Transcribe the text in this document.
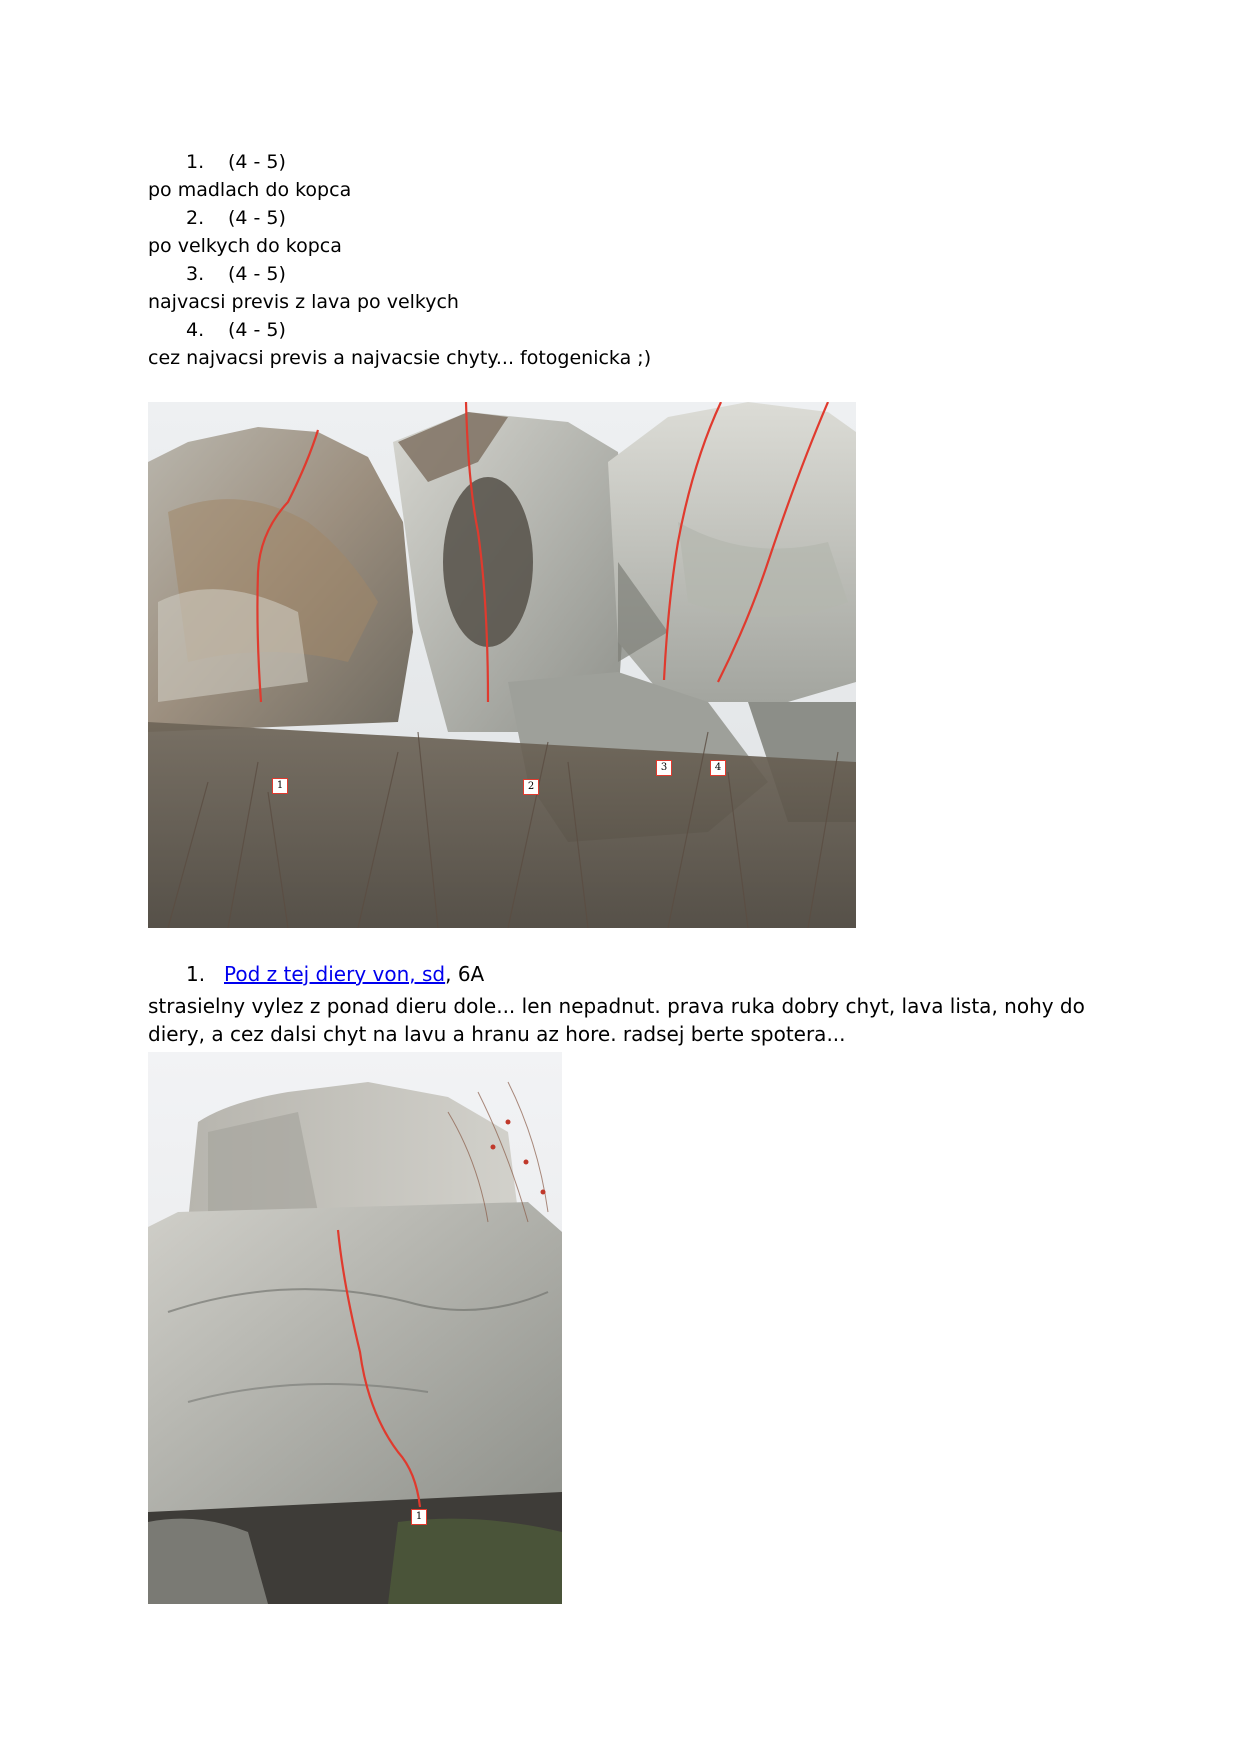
1. (4 - 5)
po madlach do kopca
2. (4 - 5)
po velkych do kopca
3. (4 - 5)
najvacsi previs z lava po velkych
4. (4 - 5)
cez najvacsi previs a najvacsie chyty... fotogenicka ;)
1	2
3	4
1. Pod z tej diery von, sd, 6A
strasielny vylez z ponad dieru dole... len nepadnut. prava ruka dobry chyt, lava lista, nohy do diery, a cez dalsi chyt na lavu a hranu az hore. radsej berte spotera...
1
